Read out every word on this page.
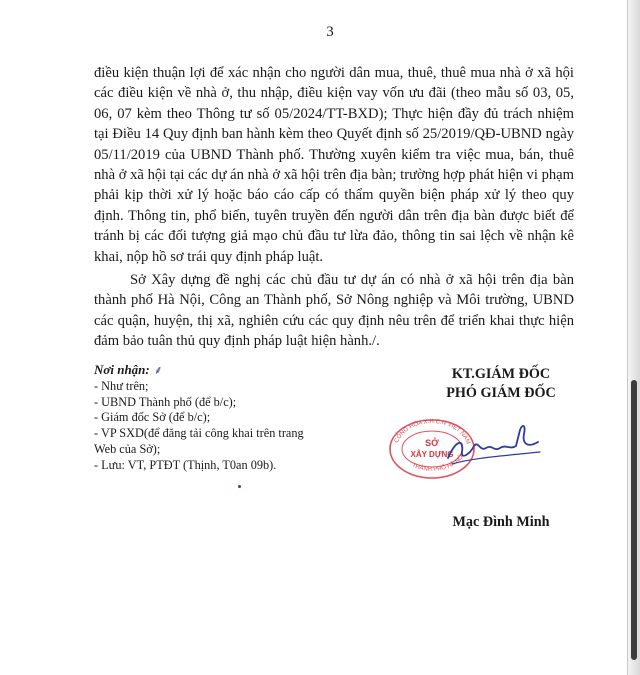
3

điều kiện thuận lợi để xác nhận cho người dân mua, thuê, thuê mua nhà ở xã hội các điều kiện về nhà ở, thu nhập, điều kiện vay vốn ưu đãi (theo mẫu số 03, 05, 06, 07 kèm theo Thông tư số 05/2024/TT-BXD); Thực hiện đầy đủ trách nhiệm tại Điều 14 Quy định ban hành kèm theo Quyết định số 25/2019/QĐ-UBND ngày 05/11/2019 của UBND Thành phố. Thường xuyên kiểm tra việc mua, bán, thuê nhà ở xã hội tại các dự án nhà ở xã hội trên địa bàn; trường hợp phát hiện vi phạm phải kịp thời xử lý hoặc báo cáo cấp có thẩm quyền biện pháp xử lý theo quy định. Thông tin, phổ biến, tuyên truyền đến người dân trên địa bàn được biết để tránh bị các đối tượng giả mạo chủ đầu tư lừa đảo, thông tin sai lệch về nhận kê khai, nộp hồ sơ trái quy định pháp luật.

Sở Xây dựng đề nghị các chủ đầu tư dự án có nhà ở xã hội trên địa bàn thành phố Hà Nội, Công an Thành phố, Sở Nông nghiệp và Môi trường, UBND các quận, huyện, thị xã, nghiên cứu các quy định nêu trên để triển khai thực hiện đảm bảo tuân thủ quy định pháp luật hiện hành./.

Nơi nhận: ⸙
- Như trên;
- UBND Thành phố (để b/c);
- Giám đốc Sở (để b/c);
- VP SXD(để đăng tải công khai trên trang
Web của Sở);
- Lưu: VT, PTĐT (Thịnh, T0an 09b).
KT.GIÁM ĐỐC
PHÓ GIÁM ĐỐC
CỘNG HÒA X.H.C.N VIỆT NAM
THÀNH PHỐ HÀ NỘI
SỞ
XÂY DỰNG
Mạc Đình Minh
